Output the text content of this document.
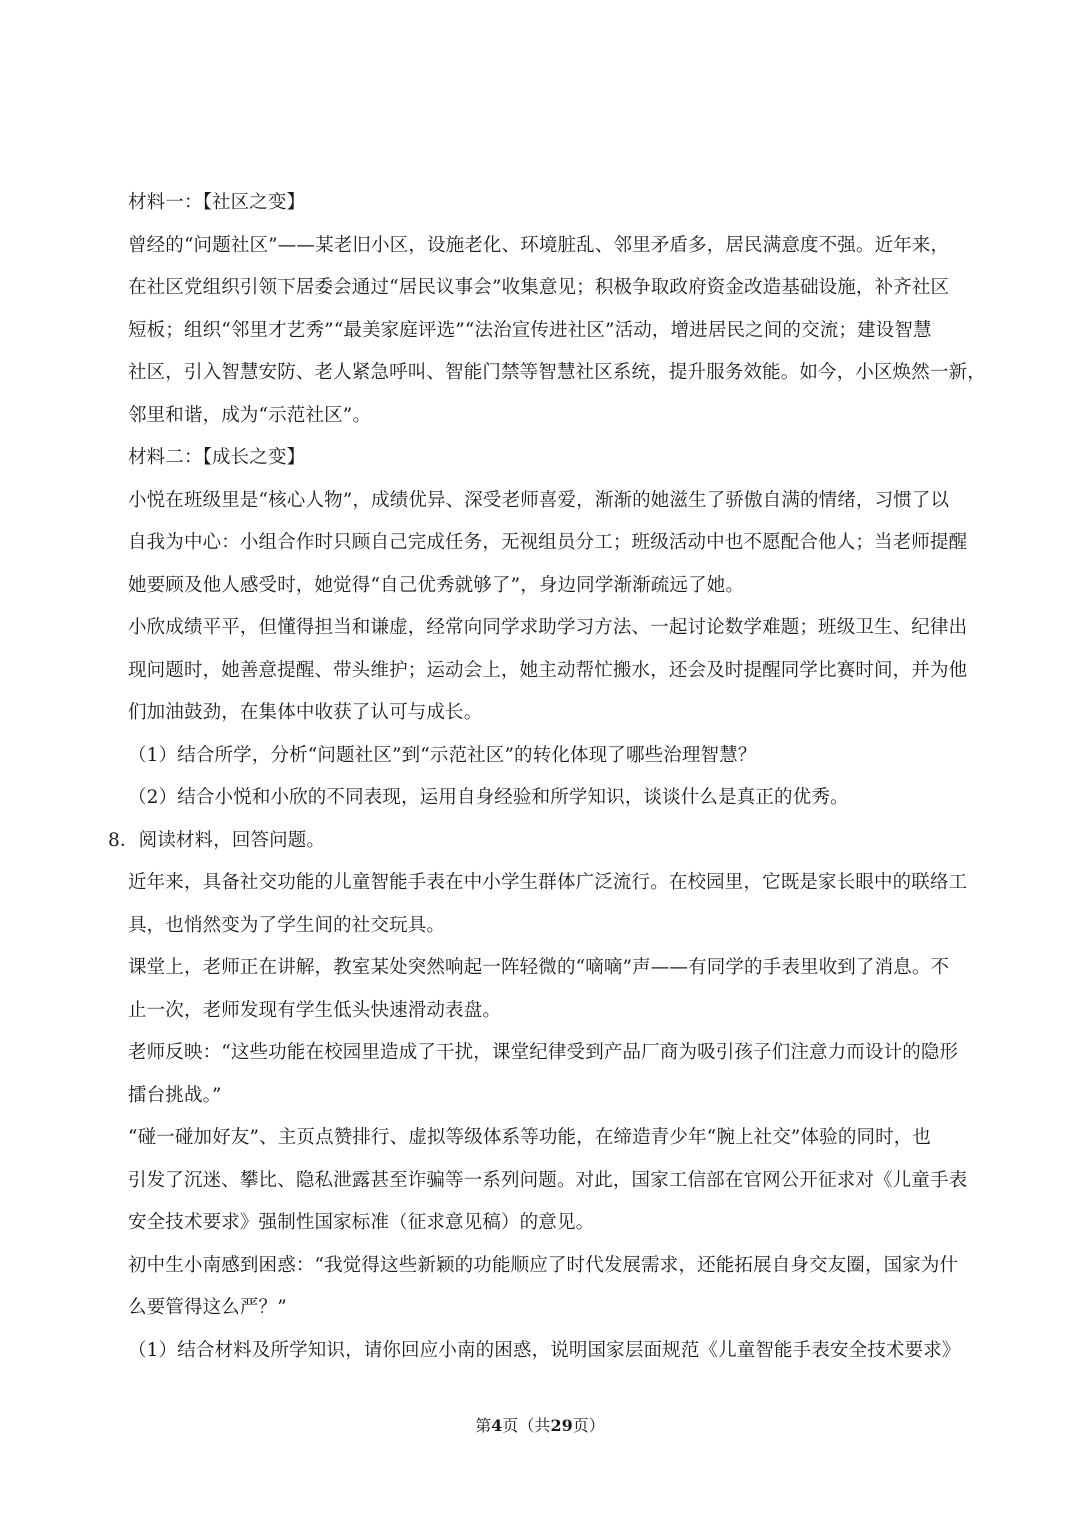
材料一：【社区之变】
曾经的“问题社区”——某老旧小区，设施老化、环境脏乱、邻里矛盾多，居民满意度不强。近年来，
在社区党组织引领下居委会通过“居民议事会”收集意见；积极争取政府资金改造基础设施，补齐社区
短板；组织“邻里才艺秀”“最美家庭评选”“法治宣传进社区”活动，增进居民之间的交流；建设智慧
社区，引入智慧安防、老人紧急呼叫、智能门禁等智慧社区系统，提升服务效能。如今，小区焕然一新，
邻里和谐，成为“示范社区”。
材料二：【成长之变】
小悦在班级里是“核心人物”，成绩优异、深受老师喜爱，渐渐的她滋生了骄傲自满的情绪，习惯了以
自我为中心：小组合作时只顾自己完成任务，无视组员分工；班级活动中也不愿配合他人；当老师提醒
她要顾及他人感受时，她觉得“自己优秀就够了”，身边同学渐渐疏远了她。
小欣成绩平平，但懂得担当和谦虚，经常向同学求助学习方法、一起讨论数学难题；班级卫生、纪律出
现问题时，她善意提醒、带头维护；运动会上，她主动帮忙搬水，还会及时提醒同学比赛时间，并为他
们加油鼓劲，在集体中收获了认可与成长。
（1）结合所学，分析“问题社区”到“示范社区”的转化体现了哪些治理智慧？
（2）结合小悦和小欣的不同表现，运用自身经验和所学知识，谈谈什么是真正的优秀。
8．阅读材料，回答问题。
近年来，具备社交功能的儿童智能手表在中小学生群体广泛流行。在校园里，它既是家长眼中的联络工
具，也悄然变为了学生间的社交玩具。
课堂上，老师正在讲解，教室某处突然响起一阵轻微的“嘀嘀”声——有同学的手表里收到了消息。不
止一次，老师发现有学生低头快速滑动表盘。
老师反映：“这些功能在校园里造成了干扰，课堂纪律受到产品厂商为吸引孩子们注意力而设计的隐形
擂台挑战。”
“碰一碰加好友”、主页点赞排行、虚拟等级体系等功能，在缔造青少年“腕上社交”体验的同时，也
引发了沉迷、攀比、隐私泄露甚至诈骗等一系列问题。对此，国家工信部在官网公开征求对《儿童手表
安全技术要求》强制性国家标准（征求意见稿）的意见。
初中生小南感到困惑：“我觉得这些新颖的功能顺应了时代发展需求，还能拓展自身交友圈，国家为什
么要管得这么严？”
（1）结合材料及所学知识，请你回应小南的困惑，说明国家层面规范《儿童智能手表安全技术要求》
第4页（共29页）
